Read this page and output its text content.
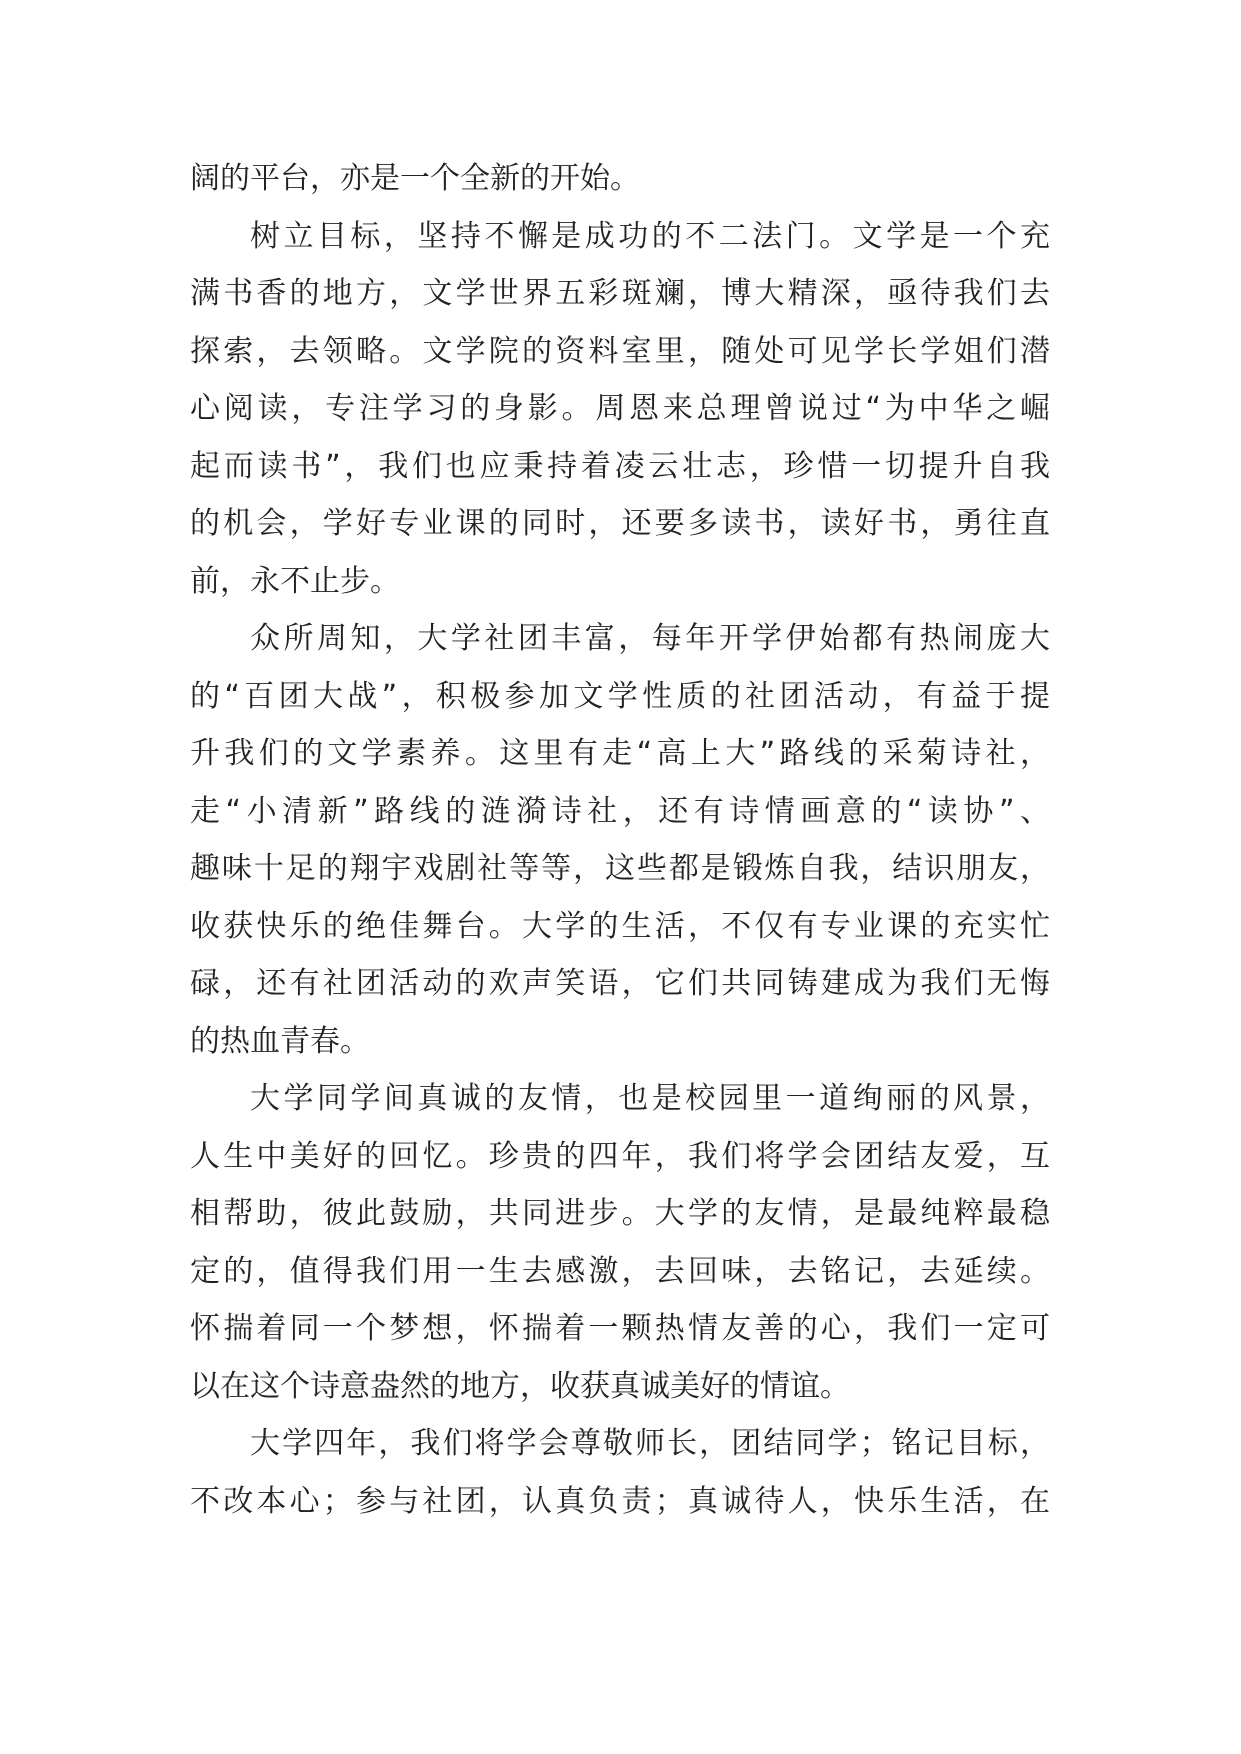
阔的平台，亦是一个全新的开始。
树立目标，坚持不懈是成功的不二法门。文学是一个充
满书香的地方，文学世界五彩斑斓，博大精深，亟待我们去
探索，去领略。文学院的资料室里，随处可见学长学姐们潜
心阅读，专注学习的身影。周恩来总理曾说过“为中华之崛
起而读书”，我们也应秉持着凌云壮志，珍惜一切提升自我
的机会，学好专业课的同时，还要多读书，读好书，勇往直
前，永不止步。
众所周知，大学社团丰富，每年开学伊始都有热闹庞大
的“百团大战”，积极参加文学性质的社团活动，有益于提
升我们的文学素养。这里有走“高上大”路线的采菊诗社，
走“小清新”路线的涟漪诗社，还有诗情画意的“读协”、
趣味十足的翔宇戏剧社等等，这些都是锻炼自我，结识朋友，
收获快乐的绝佳舞台。大学的生活，不仅有专业课的充实忙
碌，还有社团活动的欢声笑语，它们共同铸建成为我们无悔
的热血青春。
大学同学间真诚的友情，也是校园里一道绚丽的风景，
人生中美好的回忆。珍贵的四年，我们将学会团结友爱，互
相帮助，彼此鼓励，共同进步。大学的友情，是最纯粹最稳
定的，值得我们用一生去感激，去回味，去铭记，去延续。
怀揣着同一个梦想，怀揣着一颗热情友善的心，我们一定可
以在这个诗意盎然的地方，收获真诚美好的情谊。
大学四年，我们将学会尊敬师长，团结同学；铭记目标，
不改本心；参与社团，认真负责；真诚待人，快乐生活，在
